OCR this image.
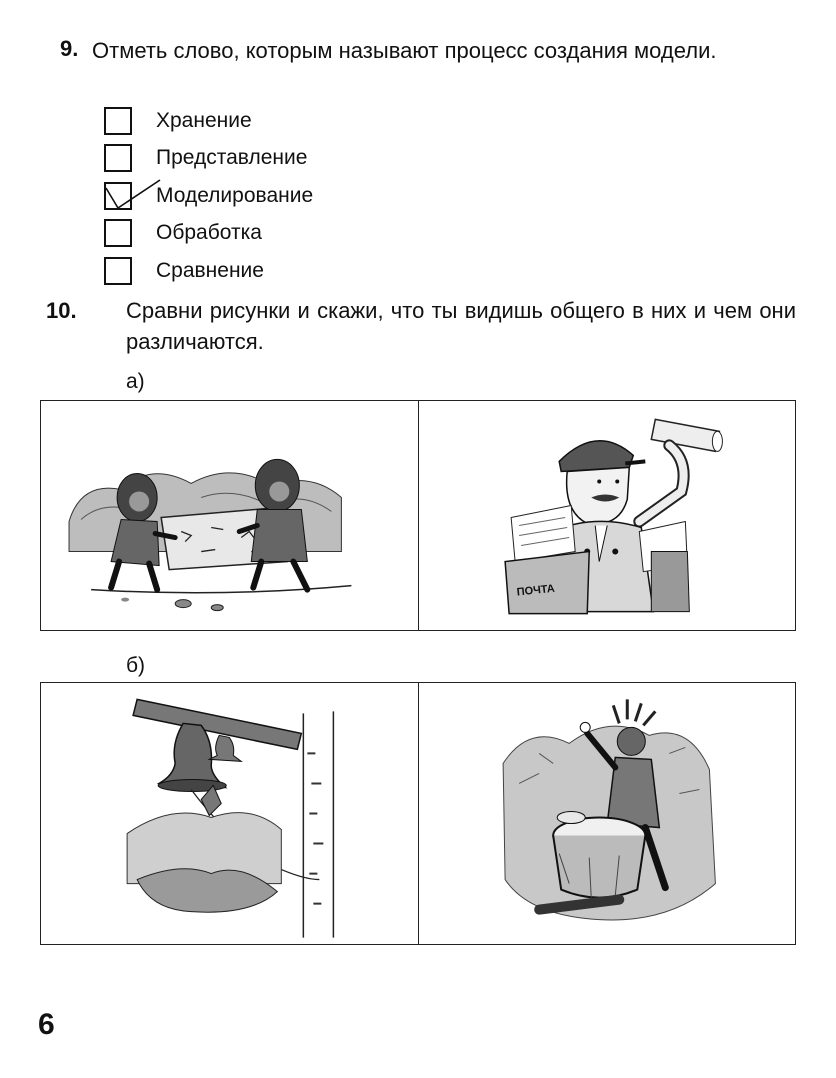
9. Отметь слово, которым называют процесс создания модели.
Хранение
Представление
Моделирование
Обработка
Сравнение
10. Сравни рисунки и скажи, что ты видишь общего в них и чем они различаются.
а)
ПОЧТА
б)
6
